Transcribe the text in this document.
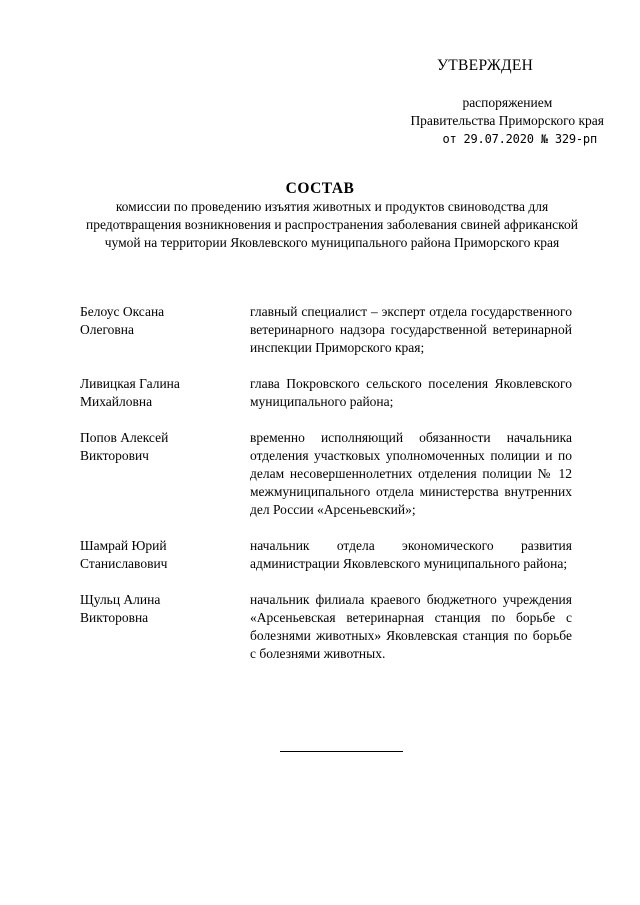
УТВЕРЖДЕН
распоряжением
Правительства Приморского края
от 29.07.2020 № 329-рп
СОСТАВ
комиссии по проведению изъятия животных и продуктов свиноводства для предотвращения возникновения и распространения заболевания свиней африканской чумой на территории Яковлевского муниципального района Приморского края
Белоус Оксана
Олеговна
главный специалист – эксперт отдела государственного ветеринарного надзора государственной ветеринарной инспекции Приморского края;
Ливицкая Галина
Михайловна
глава Покровского сельского поселения Яковлевского муниципального района;
Попов Алексей
Викторович
временно исполняющий обязанности начальника отделения участковых уполномоченных полиции и по делам несовершеннолетних отделения полиции № 12 межмуниципального отдела министерства внутренних дел России «Арсеньевский»;
Шамрай Юрий
Станиславович
начальник отдела экономического развития администрации Яковлевского муниципального района;
Щульц Алина
Викторовна
начальник филиала краевого бюджетного учреждения «Арсеньевская ветеринарная станция по борьбе с болезнями животных» Яковлевская станция по борьбе с болезнями животных.
